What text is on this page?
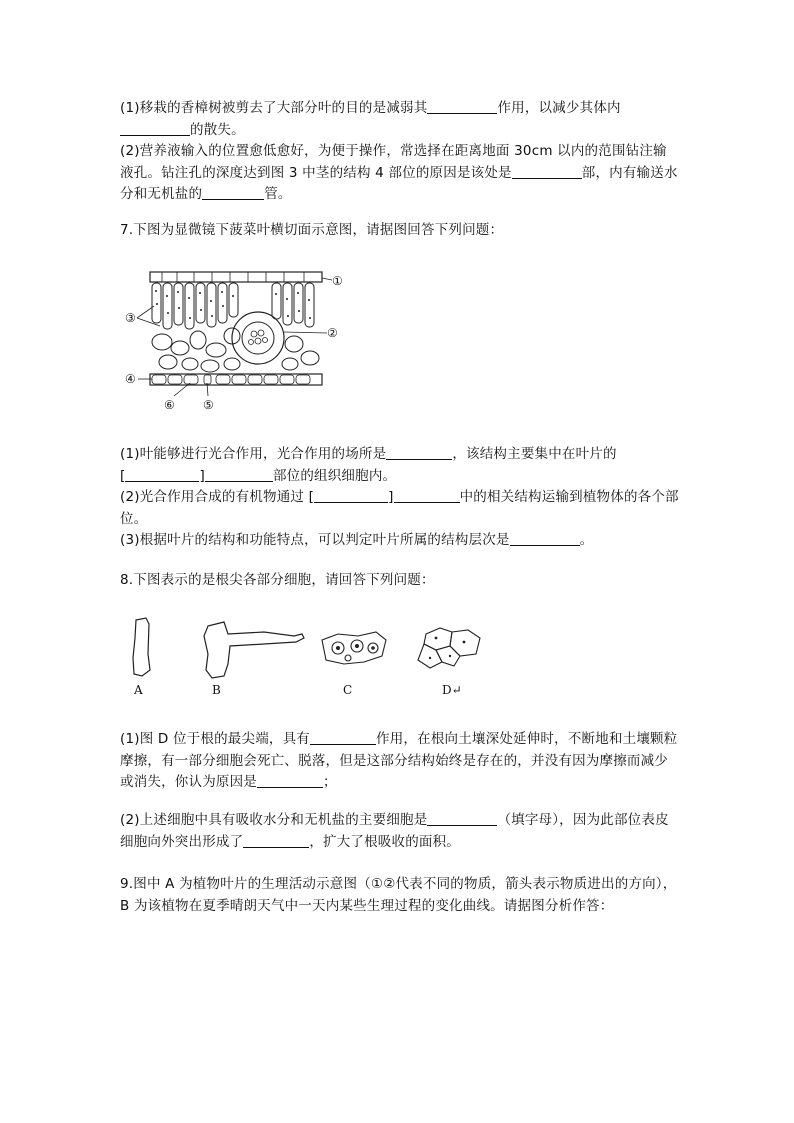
(1)移栽的香樟树被剪去了大部分叶的目的是减弱其	作用，以减少其体内
的散失。
(2)营养液输入的位置愈低愈好，为便于操作，常选择在距离地面 30cm 以内的范围钻注输液孔。钻注孔的深度达到图 3 中茎的结构 4 部位的原因是该处是	部，内有输送水分和无机盐的	管。
7.下图为显微镜下菠菜叶横切面示意图，请据图回答下列问题：
①
②
③
④
⑤
⑥
(1)叶能够进行光合作用，光合作用的场所是	，该结构主要集中在叶片的
[	]	部位的组织细胞内。
(2)光合作用合成的有机物通过 [	]	中的相关结构运输到植物体的各个部位。
(3)根据叶片的结构和功能特点，可以判定叶片所属的结构层次是	。
8.下图表示的是根尖各部分细胞，请回答下列问题：
A	B	C	D↵
(1)图 D 位于根的最尖端，具有	作用，在根向土壤深处延伸时，不断地和土壤颗粒摩擦，有一部分细胞会死亡、脱落，但是这部分结构始终是存在的，并没有因为摩擦而减少或消失，你认为原因是	；
(2)上述细胞中具有吸收水分和无机盐的主要细胞是	（填字母），因为此部位表皮细胞向外突出形成了	，扩大了根吸收的面积。
9.图中 A 为植物叶片的生理活动示意图（①②代表不同的物质，箭头表示物质进出的方向），B 为该植物在夏季晴朗天气中一天内某些生理过程的变化曲线。请据图分析作答：
